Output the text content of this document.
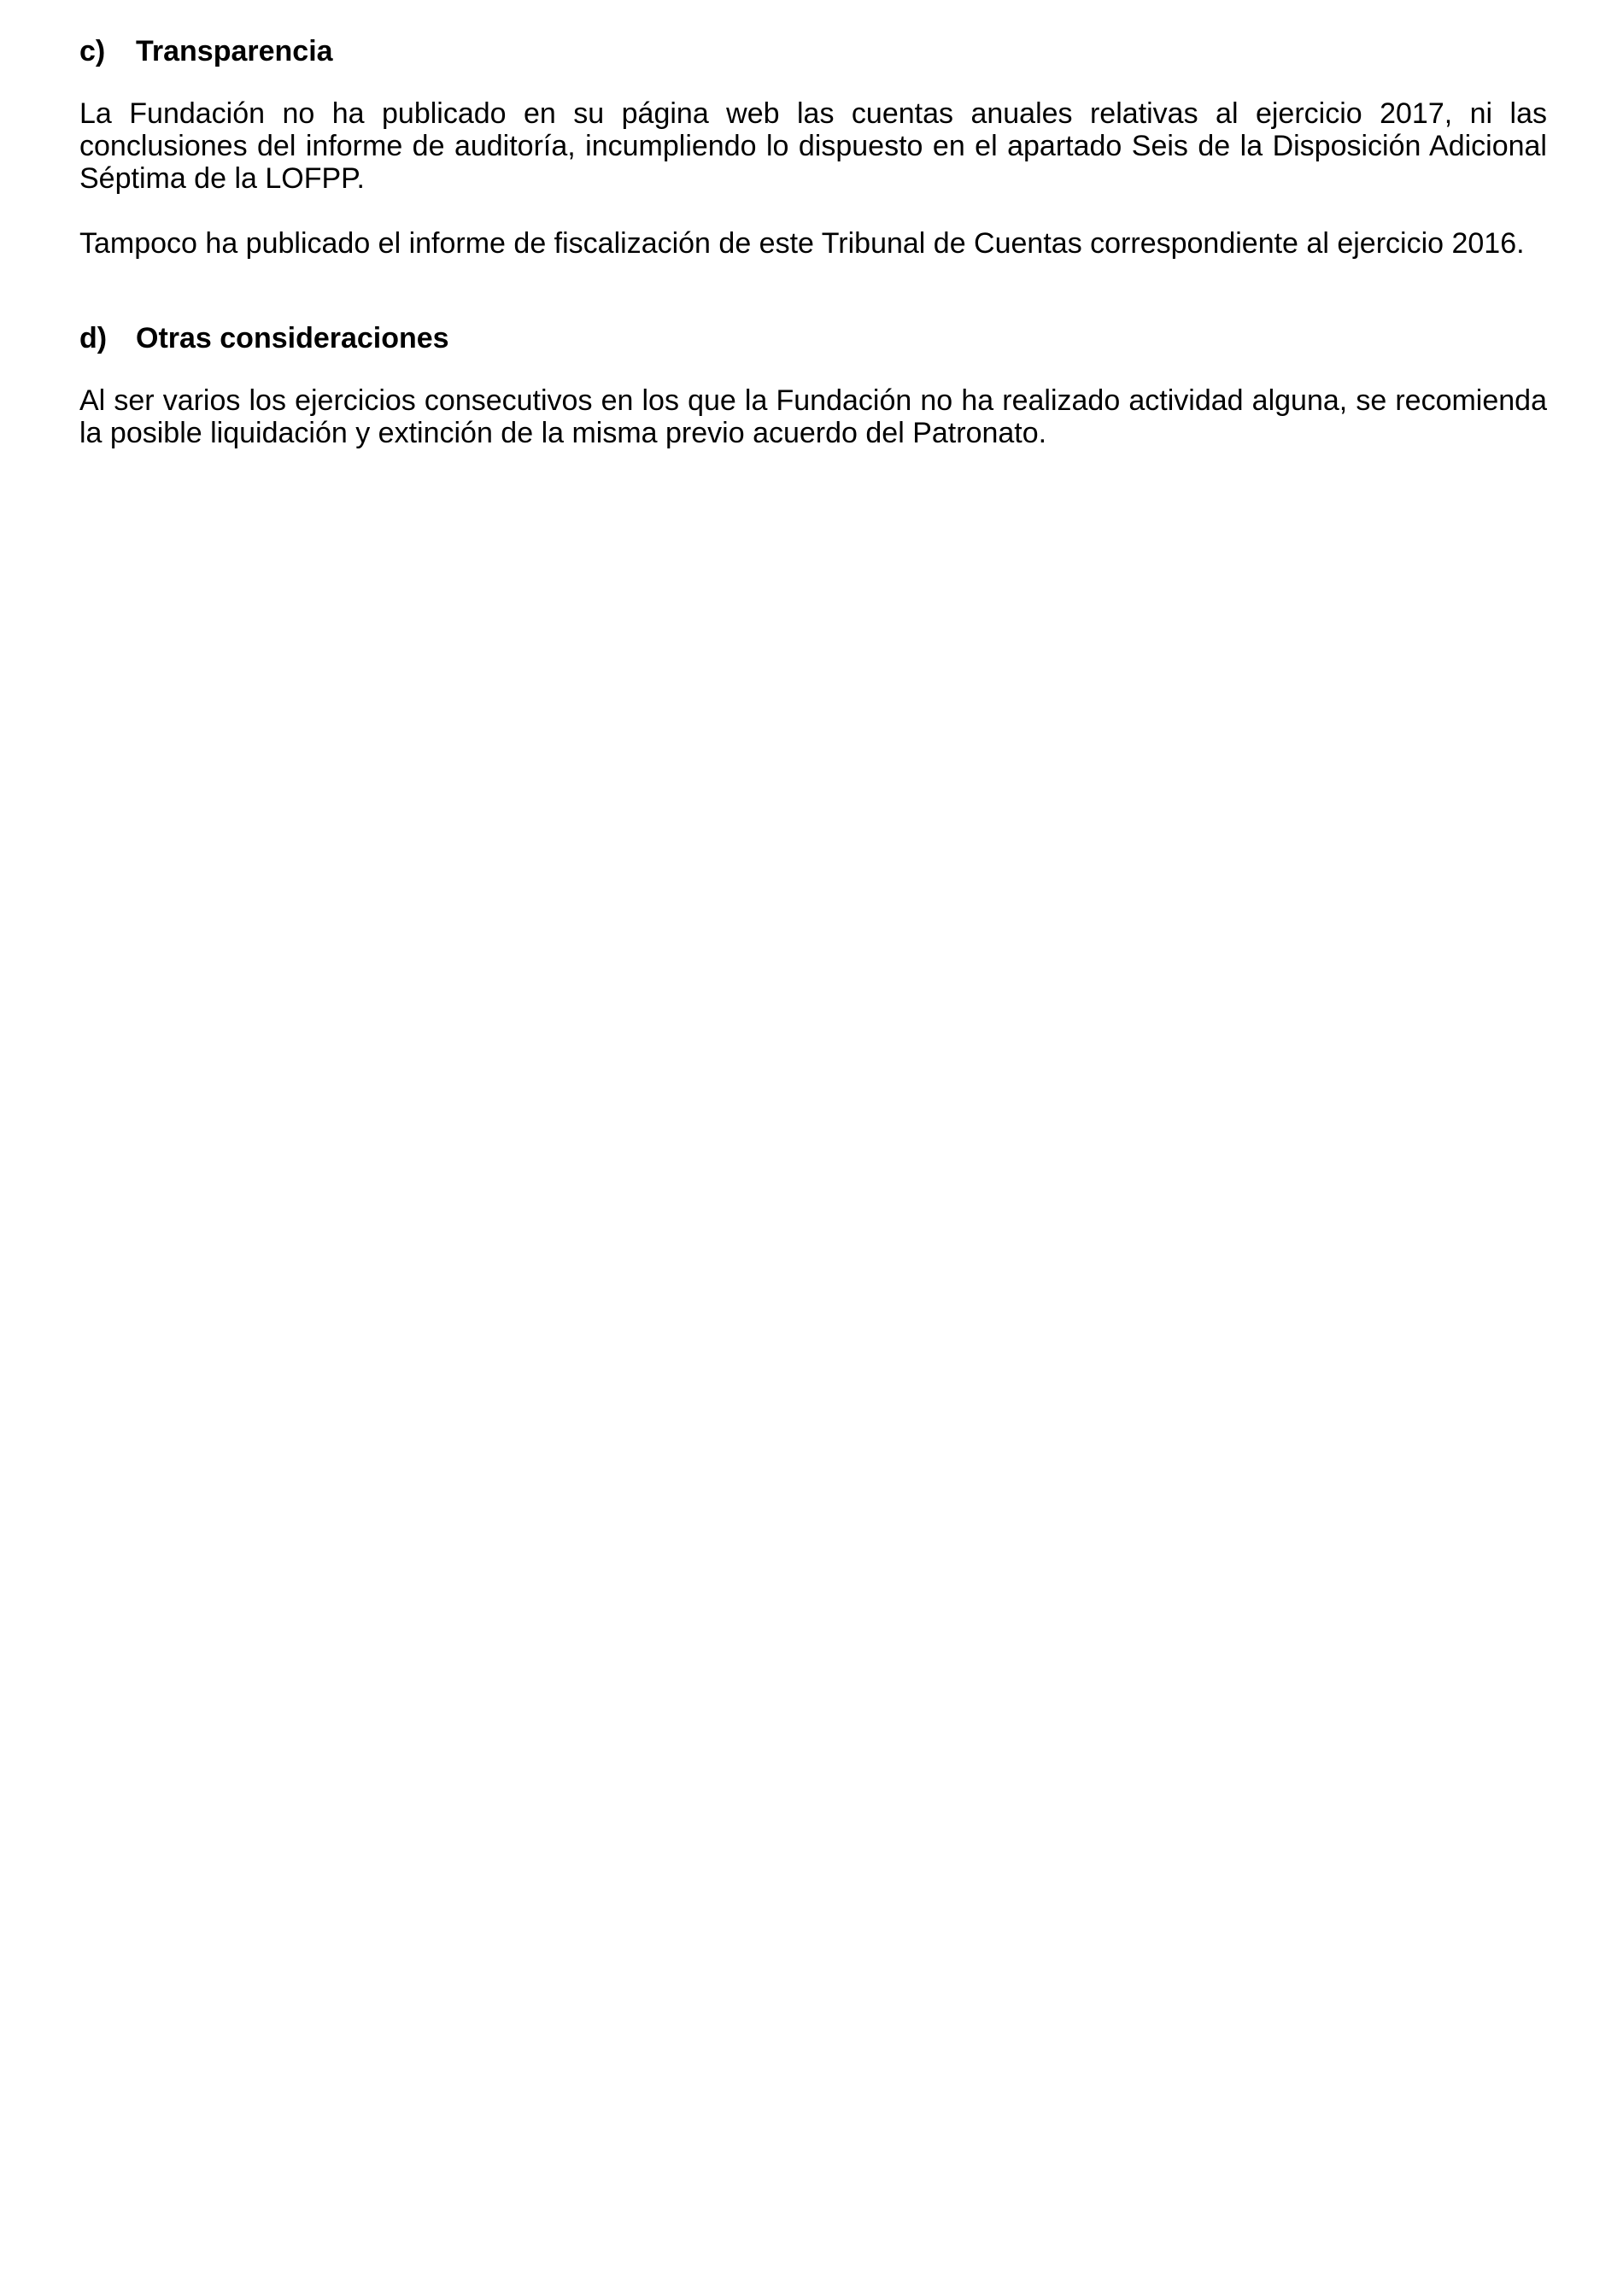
c)	Transparencia

La Fundación no ha publicado en su página web las cuentas anuales relativas al ejercicio 2017, ni las conclusiones del informe de auditoría, incumpliendo lo dispuesto en el apartado Seis de la Disposición Adicional Séptima de la LOFPP.

Tampoco ha publicado el informe de fiscalización de este Tribunal de Cuentas correspondiente al ejercicio 2016.

d) Otras consideraciones

Al ser varios los ejercicios consecutivos en los que la Fundación no ha realizado actividad alguna, se recomienda la posible liquidación y extinción de la misma previo acuerdo del Patronato.
